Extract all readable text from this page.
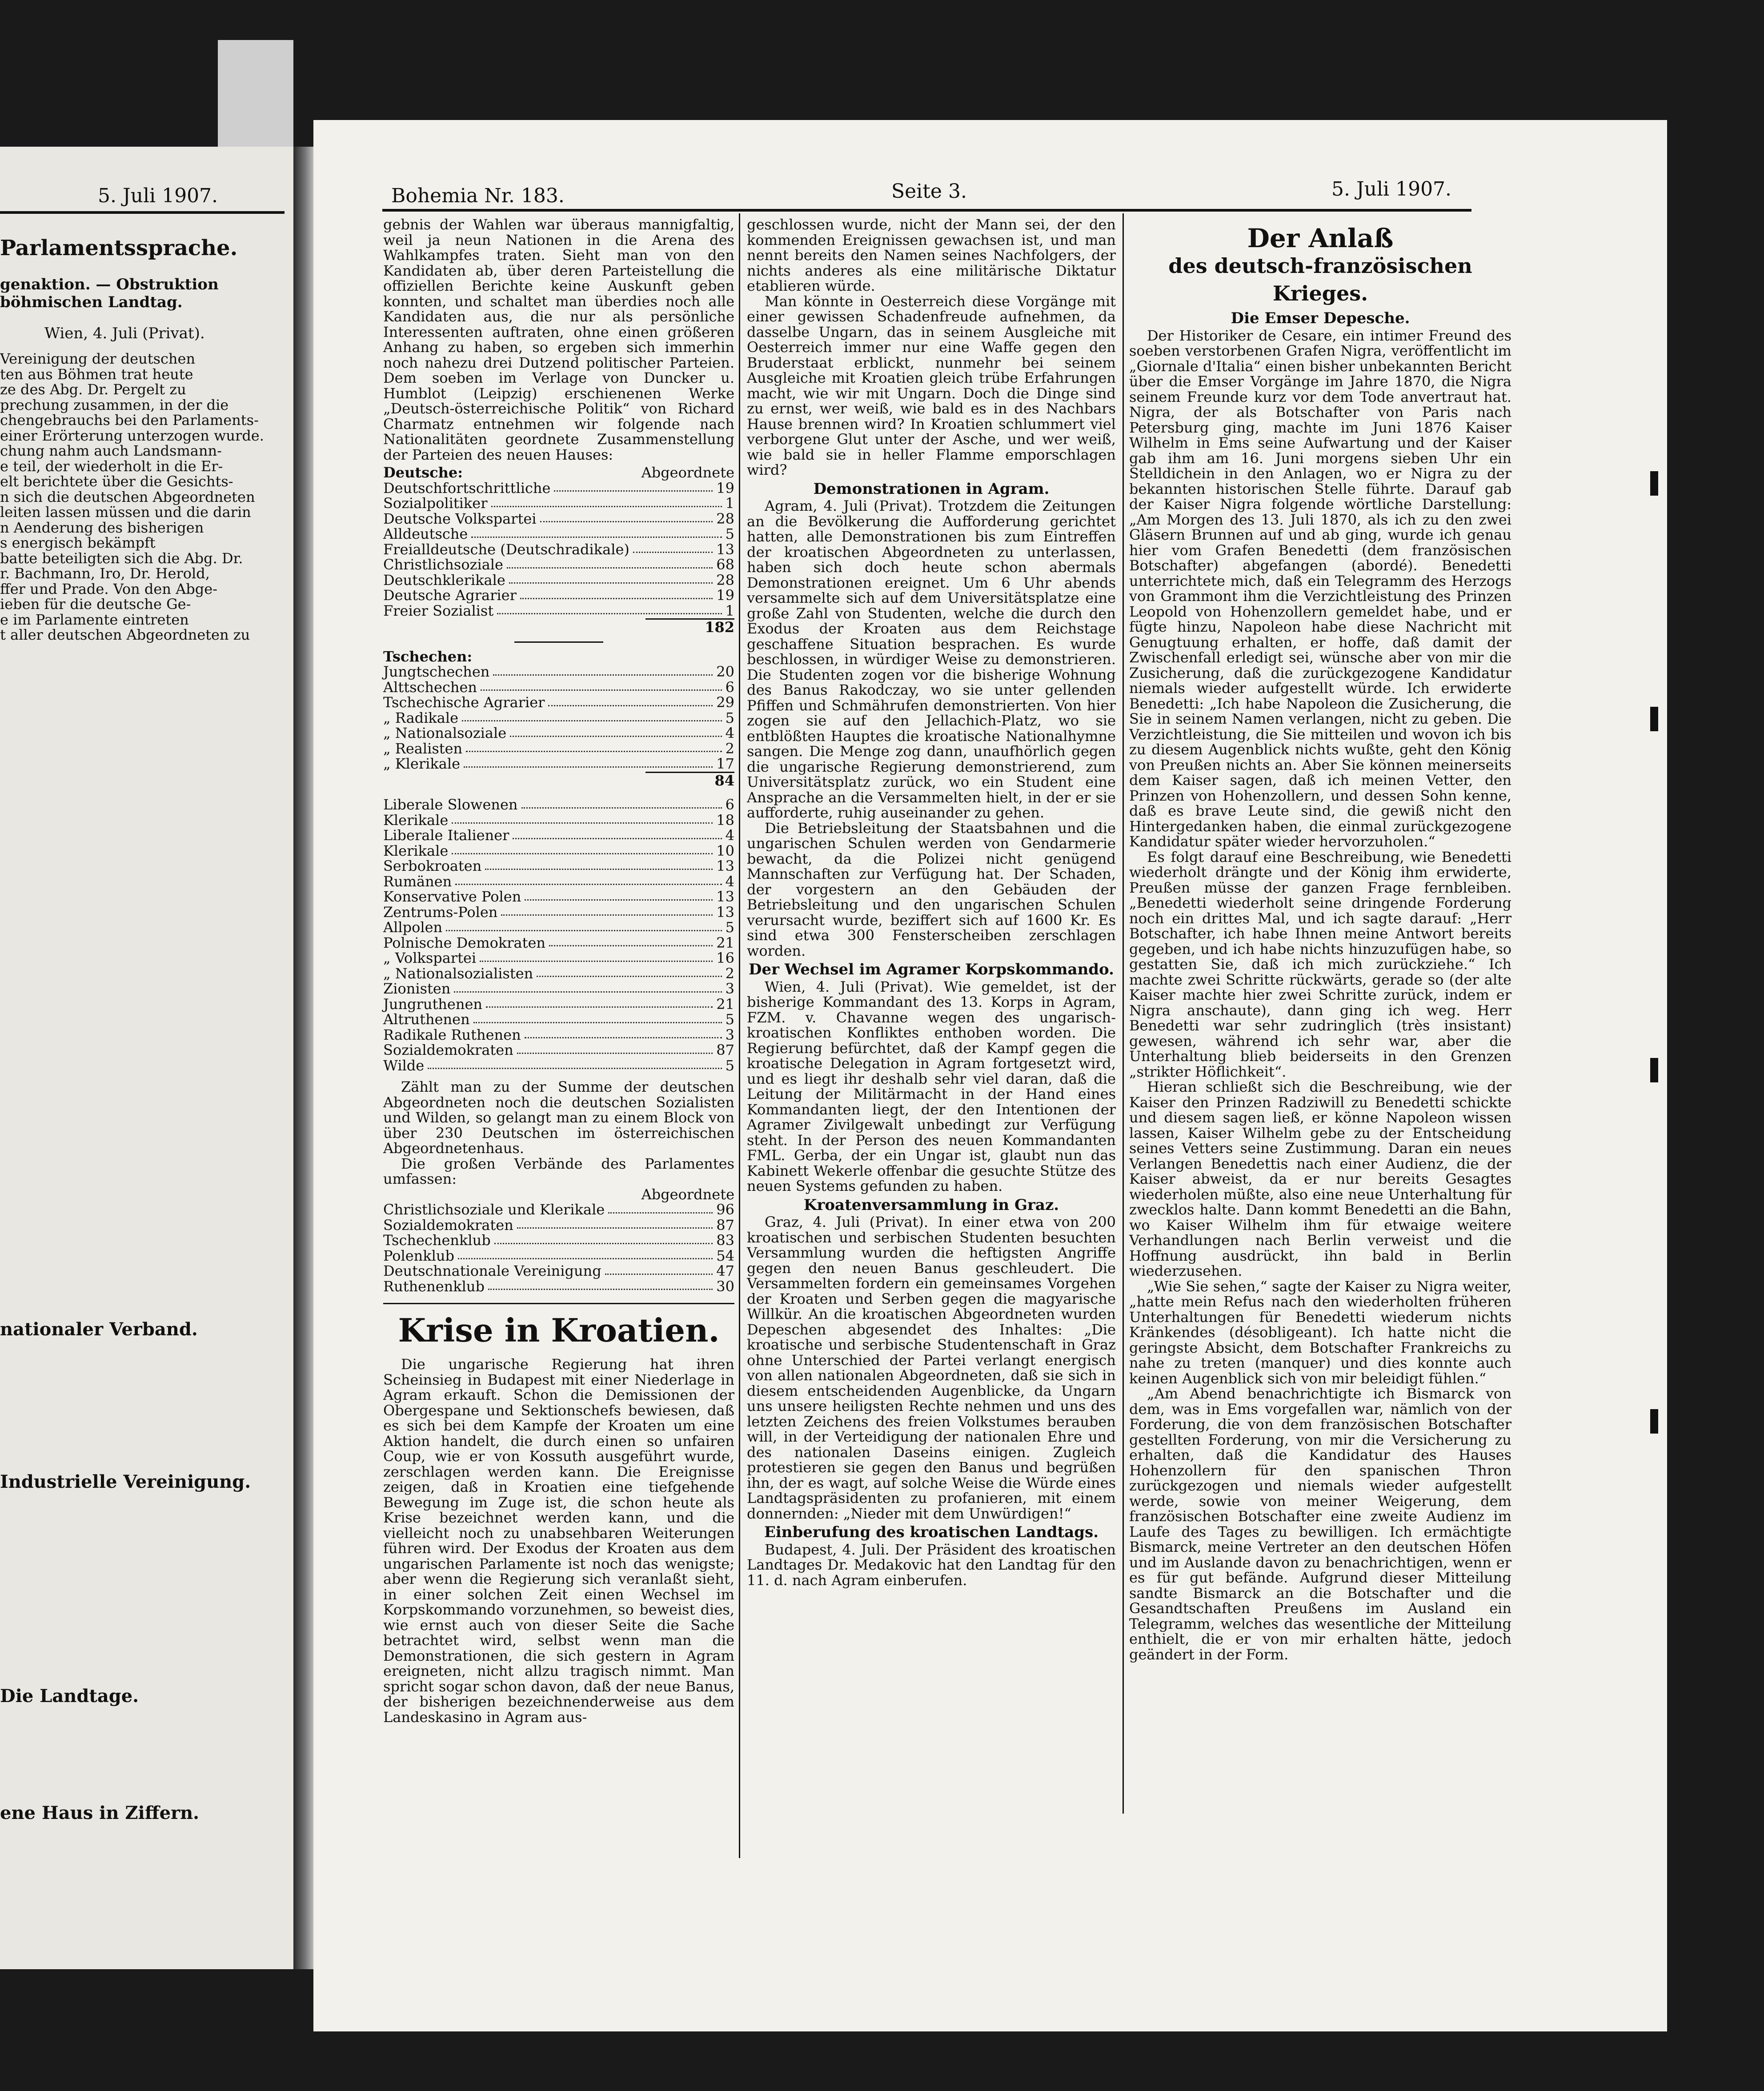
5. Juli 1907.
Parlamentssprache.
genaktion. — Obstruktion böhmischen Landtag.
Wien, 4. Juli (Privat).

Vereinigung der deutschen

ten aus Böhmen trat heute

ze des Abg. Dr. Pergelt zu

prechung zusammen, in der die

chengebrauchs bei den Parlaments-

einer Erörterung unterzogen wurde.

chung nahm auch Landsmann-

e teil, der wiederholt in die Er-

elt berichtete über die Gesichts-

n sich die deutschen Abgeordneten

leiten lassen müssen und die darin

n Aenderung des bisherigen

s energisch bekämpft

batte beteiligten sich die Abg. Dr.

r. Bachmann, Iro, Dr. Herold,

ffer und Prade. Von den Abge-

ieben für die deutsche Ge-

e im Parlamente eintreten

t aller deutschen Abgeordneten zu

nationaler Verband.
Industrielle Vereinigung.
Die Landtage.
ene Haus in Ziffern.
Bohemia Nr. 183.	Seite 3.	5. Juli 1907.

gebnis der Wahlen war überaus mannigfaltig, weil ja neun Nationen in die Arena des Wahlkampfes traten. Sieht man von den Kandidaten ab, über deren Parteistellung die offiziellen Berichte keine Auskunft geben konnten, und schaltet man überdies noch alle Kandidaten aus, die nur als persönliche Interessenten auftraten, ohne einen größeren Anhang zu haben, so ergeben sich immerhin noch nahezu drei Dutzend politischer Parteien. Dem soeben im Verlage von Duncker u. Humblot (Leipzig) erschienenen Werke „Deutsch-österreichische Politik“ von Richard Charmatz entnehmen wir folgende nach Nationalitäten geordnete Zusammenstellung der Parteien des neuen Hauses:

Deutsche:	Abgeordnete
Deutschfortschrittliche	19
Sozialpolitiker	1
Deutsche Volkspartei	28
Alldeutsche	5
Freialldeutsche (Deutschradikale)	13
Christlichsoziale	68
Deutschklerikale	28
Deutsche Agrarier	19
Freier Sozialist	1
182
Tschechen:
Jungtschechen	20
Alttschechen	6
Tschechische Agrarier	29
„ Radikale	5
„ Nationalsoziale	4
„ Realisten	2
„ Klerikale	17
84
Liberale Slowenen	6
Klerikale	18
Liberale Italiener	4
Klerikale	10
Serbokroaten	13
Rumänen	4
Konservative Polen	13
Zentrums-Polen	13
Allpolen	5
Polnische Demokraten	21
„ Volkspartei	16
„ Nationalsozialisten	2
Zionisten	3
Jungruthenen	21
Altruthenen	5
Radikale Ruthenen	3
Sozialdemokraten	87
Wilde	5

Zählt man zu der Summe der deutschen Abgeordneten noch die deutschen Sozialisten und Wilden, so gelangt man zu einem Block von über 230 Deutschen im österreichischen Abgeordnetenhaus.

Die großen Verbände des Parlamentes umfassen:

Abgeordnete
Christlichsoziale und Klerikale	96
Sozialdemokraten	87
Tschechenklub	83
Polenklub	54
Deutschnationale Vereinigung	47
Ruthenenklub	30
Krise in Kroatien.

Die ungarische Regierung hat ihren Scheinsieg in Budapest mit einer Niederlage in Agram erkauft. Schon die Demissionen der Obergespane und Sektionschefs bewiesen, daß es sich bei dem Kampfe der Kroaten um eine Aktion handelt, die durch einen so unfairen Coup, wie er von Kossuth ausgeführt wurde, zerschlagen werden kann. Die Ereignisse zeigen, daß in Kroatien eine tiefgehende Bewegung im Zuge ist, die schon heute als Krise bezeichnet werden kann, und die vielleicht noch zu unabsehbaren Weiterungen führen wird. Der Exodus der Kroaten aus dem ungarischen Parlamente ist noch das wenigste; aber wenn die Regierung sich veranlaßt sieht, in einer solchen Zeit einen Wechsel im Korpskommando vorzunehmen, so beweist dies, wie ernst auch von dieser Seite die Sache betrachtet wird, selbst wenn man die Demonstrationen, die sich gestern in Agram ereigneten, nicht allzu tragisch nimmt. Man spricht sogar schon davon, daß der neue Banus, der bisherigen bezeichnenderweise aus dem Landeskasino in Agram aus-

geschlossen wurde, nicht der Mann sei, der den kommenden Ereignissen gewachsen ist, und man nennt bereits den Namen seines Nachfolgers, der nichts anderes als eine militärische Diktatur etablieren würde.

Man könnte in Oesterreich diese Vorgänge mit einer gewissen Schadenfreude aufnehmen, da dasselbe Ungarn, das in seinem Ausgleiche mit Oesterreich immer nur eine Waffe gegen den Bruderstaat erblickt, nunmehr bei seinem Ausgleiche mit Kroatien gleich trübe Erfahrungen macht, wie wir mit Ungarn. Doch die Dinge sind zu ernst, wer weiß, wie bald es in des Nachbars Hause brennen wird? In Kroatien schlummert viel verborgene Glut unter der Asche, und wer weiß, wie bald sie in heller Flamme emporschlagen wird?

Demonstrationen in Agram.

Agram, 4. Juli (Privat). Trotzdem die Zeitungen an die Bevölkerung die Aufforderung gerichtet hatten, alle Demonstrationen bis zum Eintreffen der kroatischen Abgeordneten zu unterlassen, haben sich doch heute schon abermals Demonstrationen ereignet. Um 6 Uhr abends versammelte sich auf dem Universitätsplatze eine große Zahl von Studenten, welche die durch den Exodus der Kroaten aus dem Reichstage geschaffene Situation besprachen. Es wurde beschlossen, in würdiger Weise zu demonstrieren. Die Studenten zogen vor die bisherige Wohnung des Banus Rakodczay, wo sie unter gellenden Pfiffen und Schmährufen demonstrierten. Von hier zogen sie auf den Jellachich-Platz, wo sie entblößten Hauptes die kroatische Nationalhymne sangen. Die Menge zog dann, unaufhörlich gegen die ungarische Regierung demonstrierend, zum Universitätsplatz zurück, wo ein Student eine Ansprache an die Versammelten hielt, in der er sie aufforderte, ruhig auseinander zu gehen.

Die Betriebsleitung der Staatsbahnen und die ungarischen Schulen werden von Gendarmerie bewacht, da die Polizei nicht genügend Mannschaften zur Verfügung hat. Der Schaden, der vorgestern an den Gebäuden der Betriebsleitung und den ungarischen Schulen verursacht wurde, beziffert sich auf 1600 Kr. Es sind etwa 300 Fensterscheiben zerschlagen worden.

Der Wechsel im Agramer Korpskommando.

Wien, 4. Juli (Privat). Wie gemeldet, ist der bisherige Kommandant des 13. Korps in Agram, FZM. v. Chavanne wegen des ungarisch-kroatischen Konfliktes enthoben worden. Die Regierung befürchtet, daß der Kampf gegen die kroatische Delegation in Agram fortgesetzt wird, und es liegt ihr deshalb sehr viel daran, daß die Leitung der Militärmacht in der Hand eines Kommandanten liegt, der den Intentionen der Agramer Zivilgewalt unbedingt zur Verfügung steht. In der Person des neuen Kommandanten FML. Gerba, der ein Ungar ist, glaubt nun das Kabinett Wekerle offenbar die gesuchte Stütze des neuen Systems gefunden zu haben.

Kroatenversammlung in Graz.

Graz, 4. Juli (Privat). In einer etwa von 200 kroatischen und serbischen Studenten besuchten Versammlung wurden die heftigsten Angriffe gegen den neuen Banus geschleudert. Die Versammelten fordern ein gemeinsames Vorgehen der Kroaten und Serben gegen die magyarische Willkür. An die kroatischen Abgeordneten wurden Depeschen abgesendet des Inhaltes: „Die kroatische und serbische Studentenschaft in Graz ohne Unterschied der Partei verlangt energisch von allen nationalen Abgeordneten, daß sie sich in diesem entscheidenden Augenblicke, da Ungarn uns unsere heiligsten Rechte nehmen und uns des letzten Zeichens des freien Volkstumes berauben will, in der Verteidigung der nationalen Ehre und des nationalen Daseins einigen. Zugleich protestieren sie gegen den Banus und begrüßen ihn, der es wagt, auf solche Weise die Würde eines Landtagspräsidenten zu profanieren, mit einem donnernden: „Nieder mit dem Unwürdigen!“

Einberufung des kroatischen Landtags.

Budapest, 4. Juli. Der Präsident des kroatischen Landtages Dr. Medakovic hat den Landtag für den 11. d. nach Agram einberufen.

Der Anlaß
des deutsch-französischen Krieges.
Die Emser Depesche.

Der Historiker de Cesare, ein intimer Freund des soeben verstorbenen Grafen Nigra, veröffentlicht im „Giornale d'Italia“ einen bisher unbekannten Bericht über die Emser Vorgänge im Jahre 1870, die Nigra seinem Freunde kurz vor dem Tode anvertraut hat. Nigra, der als Botschafter von Paris nach Petersburg ging, machte im Juni 1876 Kaiser Wilhelm in Ems seine Aufwartung und der Kaiser gab ihm am 16. Juni morgens sieben Uhr ein Stelldichein in den Anlagen, wo er Nigra zu der bekannten historischen Stelle führte. Darauf gab der Kaiser Nigra folgende wörtliche Darstellung: „Am Morgen des 13. Juli 1870, als ich zu den zwei Gläsern Brunnen auf und ab ging, wurde ich genau hier vom Grafen Benedetti (dem französischen Botschafter) abgefangen (abordé). Benedetti unterrichtete mich, daß ein Telegramm des Herzogs von Grammont ihm die Verzichtleistung des Prinzen Leopold von Hohenzollern gemeldet habe, und er fügte hinzu, Napoleon habe diese Nachricht mit Genugtuung erhalten, er hoffe, daß damit der Zwischenfall erledigt sei, wünsche aber von mir die Zusicherung, daß die zurückgezogene Kandidatur niemals wieder aufgestellt würde. Ich erwiderte Benedetti: „Ich habe Napoleon die Zusicherung, die Sie in seinem Namen verlangen, nicht zu geben. Die Verzichtleistung, die Sie mitteilen und wovon ich bis zu diesem Augenblick nichts wußte, geht den König von Preußen nichts an. Aber Sie können meinerseits dem Kaiser sagen, daß ich meinen Vetter, den Prinzen von Hohenzollern, und dessen Sohn kenne, daß es brave Leute sind, die gewiß nicht den Hintergedanken haben, die einmal zurückgezogene Kandidatur später wieder hervorzuholen.“

Es folgt darauf eine Beschreibung, wie Benedetti wiederholt drängte und der König ihm erwiderte, Preußen müsse der ganzen Frage fernbleiben. „Benedetti wiederholt seine dringende Forderung noch ein drittes Mal, und ich sagte darauf: „Herr Botschafter, ich habe Ihnen meine Antwort bereits gegeben, und ich habe nichts hinzuzufügen habe, so gestatten Sie, daß ich mich zurückziehe.“ Ich machte zwei Schritte rückwärts, gerade so (der alte Kaiser machte hier zwei Schritte zurück, indem er Nigra anschaute), dann ging ich weg. Herr Benedetti war sehr zudringlich (très insistant) gewesen, während ich sehr war, aber die Unterhaltung blieb beiderseits in den Grenzen „strikter Höflichkeit“.

Hieran schließt sich die Beschreibung, wie der Kaiser den Prinzen Radziwill zu Benedetti schickte und diesem sagen ließ, er könne Napoleon wissen lassen, Kaiser Wilhelm gebe zu der Entscheidung seines Vetters seine Zustimmung. Daran ein neues Verlangen Benedettis nach einer Audienz, die der Kaiser abweist, da er nur bereits Gesagtes wiederholen müßte, also eine neue Unterhaltung für zwecklos halte. Dann kommt Benedetti an die Bahn, wo Kaiser Wilhelm ihm für etwaige weitere Verhandlungen nach Berlin verweist und die Hoffnung ausdrückt, ihn bald in Berlin wiederzusehen.

„Wie Sie sehen,“ sagte der Kaiser zu Nigra weiter, „hatte mein Refus nach den wiederholten früheren Unterhaltungen für Benedetti wiederum nichts Kränkendes (désobligeant). Ich hatte nicht die geringste Absicht, dem Botschafter Frankreichs zu nahe zu treten (manquer) und dies konnte auch keinen Augenblick sich von mir beleidigt fühlen.“

„Am Abend benachrichtigte ich Bismarck von dem, was in Ems vorgefallen war, nämlich von der Forderung, die von dem französischen Botschafter gestellten Forderung, von mir die Versicherung zu erhalten, daß die Kandidatur des Hauses Hohenzollern für den spanischen Thron zurückgezogen und niemals wieder aufgestellt werde, sowie von meiner Weigerung, dem französischen Botschafter eine zweite Audienz im Laufe des Tages zu bewilligen. Ich ermächtigte Bismarck, meine Vertreter an den deutschen Höfen und im Auslande davon zu benachrichtigen, wenn er es für gut befände. Aufgrund dieser Mitteilung sandte Bismarck an die Botschafter und die Gesandtschaften Preußens im Ausland ein Telegramm, welches das wesentliche der Mitteilung enthielt, die er von mir erhalten hätte, jedoch geändert in der Form.
